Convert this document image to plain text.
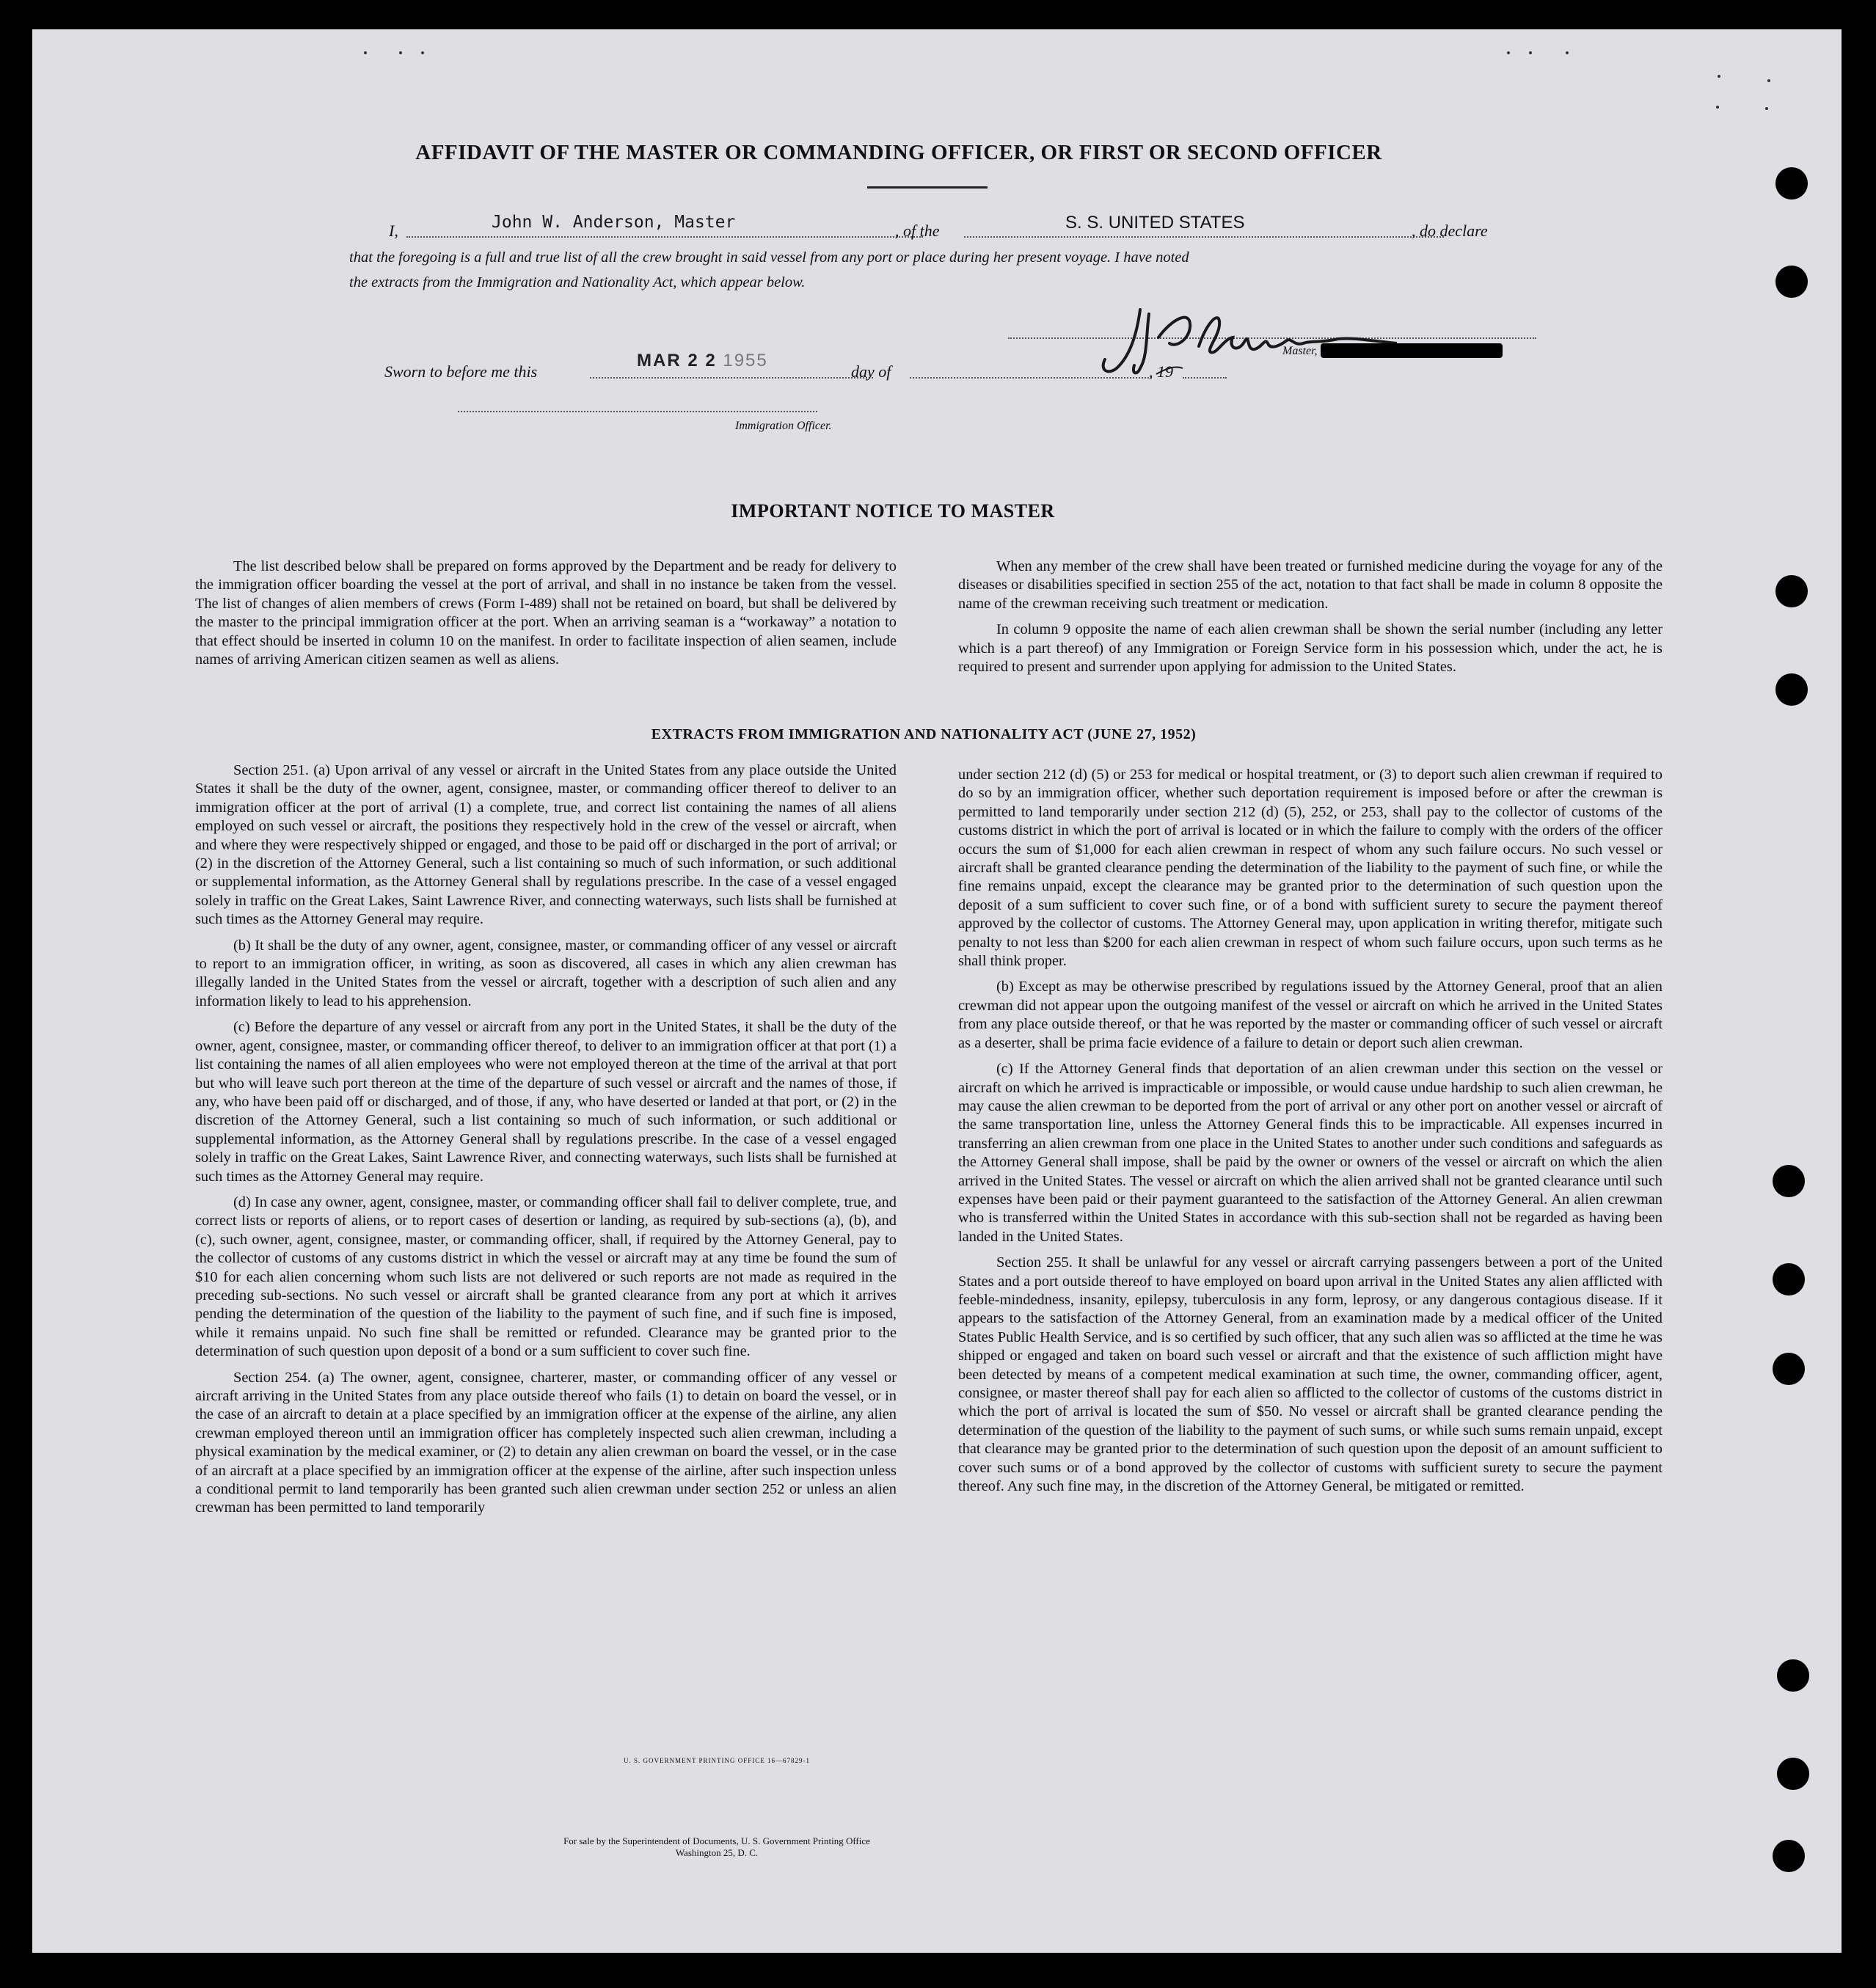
AFFIDAVIT OF THE MASTER OR COMMANDING OFFICER, OR FIRST OR SECOND OFFICER
I,	John W. Anderson, Master	, of the	S. S. UNITED STATES	, do declare
that the foregoing is a full and true list of all the crew brought in said vessel from any port or place during her present voyage. I have noted
the extracts from the Immigration and Nationality Act, which appear below.
Master,
Sworn to before me this
MAR 2 2 1955
day of	, 19
Immigration Officer.
IMPORTANT NOTICE TO MASTER

The list described below shall be prepared on forms approved by the Department and be ready for delivery to the immigration officer boarding the vessel at the port of arrival, and shall in no instance be taken from the vessel. The list of changes of alien members of crews (Form I-489) shall not be retained on board, but shall be delivered by the master to the principal immigration officer at the port. When an arriving seaman is a “workaway” a notation to that effect should be inserted in column 10 on the manifest. In order to facilitate inspection of alien seamen, include names of arriving American citizen seamen as well as aliens.

When any member of the crew shall have been treated or furnished medicine during the voyage for any of the diseases or disabilities specified in section 255 of the act, notation to that fact shall be made in column 8 opposite the name of the crewman receiving such treatment or medication.

In column 9 opposite the name of each alien crewman shall be shown the serial number (including any letter which is a part thereof) of any Immigration or Foreign Service form in his possession which, under the act, he is required to present and surrender upon applying for admission to the United States.

EXTRACTS FROM IMMIGRATION AND NATIONALITY ACT (JUNE 27, 1952)

Section 251. (a) Upon arrival of any vessel or aircraft in the United States from any place outside the United States it shall be the duty of the owner, agent, consignee, master, or commanding officer thereof to deliver to an immigration officer at the port of arrival (1) a complete, true, and correct list containing the names of all aliens employed on such vessel or aircraft, the positions they respectively hold in the crew of the vessel or aircraft, when and where they were respectively shipped or engaged, and those to be paid off or discharged in the port of arrival; or (2) in the discretion of the Attorney General, such a list containing so much of such information, or such additional or supplemental information, as the Attorney General shall by regulations prescribe. In the case of a vessel engaged solely in traffic on the Great Lakes, Saint Lawrence River, and connecting waterways, such lists shall be furnished at such times as the Attorney General may require.

(b) It shall be the duty of any owner, agent, consignee, master, or commanding officer of any vessel or aircraft to report to an immigration officer, in writing, as soon as discovered, all cases in which any alien crewman has illegally landed in the United States from the vessel or aircraft, together with a description of such alien and any information likely to lead to his apprehension.

(c) Before the departure of any vessel or aircraft from any port in the United States, it shall be the duty of the owner, agent, consignee, master, or commanding officer thereof, to deliver to an immigration officer at that port (1) a list containing the names of all alien employees who were not employed thereon at the time of the arrival at that port but who will leave such port thereon at the time of the departure of such vessel or aircraft and the names of those, if any, who have been paid off or discharged, and of those, if any, who have deserted or landed at that port, or (2) in the discretion of the Attorney General, such a list containing so much of such information, or such additional or supplemental information, as the Attorney General shall by regulations prescribe. In the case of a vessel engaged solely in traffic on the Great Lakes, Saint Lawrence River, and connecting waterways, such lists shall be furnished at such times as the Attorney General may require.

(d) In case any owner, agent, consignee, master, or commanding officer shall fail to deliver complete, true, and correct lists or reports of aliens, or to report cases of desertion or landing, as required by sub-sections (a), (b), and (c), such owner, agent, consignee, master, or commanding officer, shall, if required by the Attorney General, pay to the collector of customs of any customs district in which the vessel or aircraft may at any time be found the sum of $10 for each alien concerning whom such lists are not delivered or such reports are not made as required in the preceding sub-sections. No such vessel or aircraft shall be granted clearance from any port at which it arrives pending the determination of the question of the liability to the payment of such fine, and if such fine is imposed, while it remains unpaid. No such fine shall be remitted or refunded. Clearance may be granted prior to the determination of such question upon deposit of a bond or a sum sufficient to cover such fine.

Section 254. (a) The owner, agent, consignee, charterer, master, or commanding officer of any vessel or aircraft arriving in the United States from any place outside thereof who fails (1) to detain on board the vessel, or in the case of an aircraft to detain at a place specified by an immigration officer at the expense of the airline, any alien crewman employed thereon until an immigration officer has completely inspected such alien crewman, including a physical examination by the medical examiner, or (2) to detain any alien crewman on board the vessel, or in the case of an aircraft at a place specified by an immigration officer at the expense of the airline, after such inspection unless a conditional permit to land temporarily has been granted such alien crewman under section 252 or unless an alien crewman has been permitted to land temporarily

under section 212 (d) (5) or 253 for medical or hospital treatment, or (3) to deport such alien crewman if required to do so by an immigration officer, whether such deportation requirement is imposed before or after the crewman is permitted to land temporarily under section 212 (d) (5), 252, or 253, shall pay to the collector of customs of the customs district in which the port of arrival is located or in which the failure to comply with the orders of the officer occurs the sum of $1,000 for each alien crewman in respect of whom any such failure occurs. No such vessel or aircraft shall be granted clearance pending the determination of the liability to the payment of such fine, or while the fine remains unpaid, except the clearance may be granted prior to the determination of such question upon the deposit of a sum sufficient to cover such fine, or of a bond with sufficient surety to secure the payment thereof approved by the collector of customs. The Attorney General may, upon application in writing therefor, mitigate such penalty to not less than $200 for each alien crewman in respect of whom such failure occurs, upon such terms as he shall think proper.

(b) Except as may be otherwise prescribed by regulations issued by the Attorney General, proof that an alien crewman did not appear upon the outgoing manifest of the vessel or aircraft on which he arrived in the United States from any place outside thereof, or that he was reported by the master or commanding officer of such vessel or aircraft as a deserter, shall be prima facie evidence of a failure to detain or deport such alien crewman.

(c) If the Attorney General finds that deportation of an alien crewman under this section on the vessel or aircraft on which he arrived is impracticable or impossible, or would cause undue hardship to such alien crewman, he may cause the alien crewman to be deported from the port of arrival or any other port on another vessel or aircraft of the same transportation line, unless the Attorney General finds this to be impracticable. All expenses incurred in transferring an alien crewman from one place in the United States to another under such conditions and safeguards as the Attorney General shall impose, shall be paid by the owner or owners of the vessel or aircraft on which the alien arrived in the United States. The vessel or aircraft on which the alien arrived shall not be granted clearance until such expenses have been paid or their payment guaranteed to the satisfaction of the Attorney General. An alien crewman who is transferred within the United States in accordance with this sub-section shall not be regarded as having been landed in the United States.

Section 255. It shall be unlawful for any vessel or aircraft carrying passengers between a port of the United States and a port outside thereof to have employed on board upon arrival in the United States any alien afflicted with feeble-mindedness, insanity, epilepsy, tuberculosis in any form, leprosy, or any dangerous contagious disease. If it appears to the satisfaction of the Attorney General, from an examination made by a medical officer of the United States Public Health Service, and is so certified by such officer, that any such alien was so afflicted at the time he was shipped or engaged and taken on board such vessel or aircraft and that the existence of such affliction might have been detected by means of a competent medical examination at such time, the owner, commanding officer, agent, consignee, or master thereof shall pay for each alien so afflicted to the collector of customs of the customs district in which the port of arrival is located the sum of $50. No vessel or aircraft shall be granted clearance pending the determination of the question of the liability to the payment of such sums, or while such sums remain unpaid, except that clearance may be granted prior to the determination of such question upon the deposit of an amount sufficient to cover such sums or of a bond approved by the collector of customs with sufficient surety to secure the payment thereof. Any such fine may, in the discretion of the Attorney General, be mitigated or remitted.

U. S. GOVERNMENT PRINTING OFFICE 16—67829-1
For sale by the Superintendent of Documents, U. S. Government Printing Office
Washington 25, D. C.
